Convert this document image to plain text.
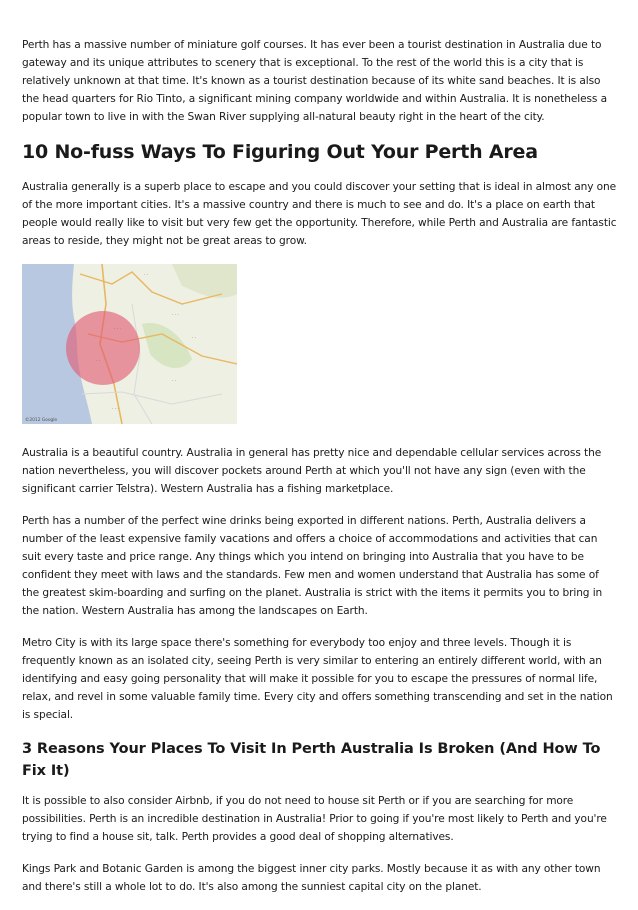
Perth has a massive number of miniature golf courses. It has ever been a tourist destination in Australia due to gateway and its unique attributes to scenery that is exceptional. To the rest of the world this is a city that is relatively unknown at that time. It's known as a tourist destination because of its white sand beaches. It is also the head quarters for Rio Tinto, a significant mining company worldwide and within Australia. It is nonetheless a popular town to live in with the Swan River supplying all-natural beauty right in the heart of the city.

10 No-fuss Ways To Figuring Out Your Perth Area

Australia generally is a superb place to escape and you could discover your setting that is ideal in almost any one of the more important cities. It's a massive country and there is much to see and do. It's a place on earth that people would really like to visit but very few get the opportunity. Therefore, while Perth and Australia are fantastic areas to reside, they might not be great areas to grow.

· ·
· · ·
· ·
· · ·
· ·
· ·
· · ·
©2012 Google

Australia is a beautiful country. Australia in general has pretty nice and dependable cellular services across the nation nevertheless, you will discover pockets around Perth at which you'll not have any sign (even with the significant carrier Telstra). Western Australia has a fishing marketplace.

Perth has a number of the perfect wine drinks being exported in different nations. Perth, Australia delivers a number of the least expensive family vacations and offers a choice of accommodations and activities that can suit every taste and price range. Any things which you intend on bringing into Australia that you have to be confident they meet with laws and the standards. Few men and women understand that Australia has some of the greatest skim-boarding and surfing on the planet. Australia is strict with the items it permits you to bring in the nation. Western Australia has among the landscapes on Earth.

Metro City is with its large space there's something for everybody too enjoy and three levels. Though it is frequently known as an isolated city, seeing Perth is very similar to entering an entirely different world, with an identifying and easy going personality that will make it possible for you to escape the pressures of normal life, relax, and revel in some valuable family time. Every city and offers something transcending and set in the nation is special.

3 Reasons Your Places To Visit In Perth Australia Is Broken (And How To Fix It)

It is possible to also consider Airbnb, if you do not need to house sit Perth or if you are searching for more possibilities. Perth is an incredible destination in Australia! Prior to going if you're most likely to Perth and you're trying to find a house sit, talk. Perth provides a good deal of shopping alternatives.

Kings Park and Botanic Garden is among the biggest inner city parks. Mostly because it as with any other town and there's still a whole lot to do. It's also among the sunniest capital city on the planet.
